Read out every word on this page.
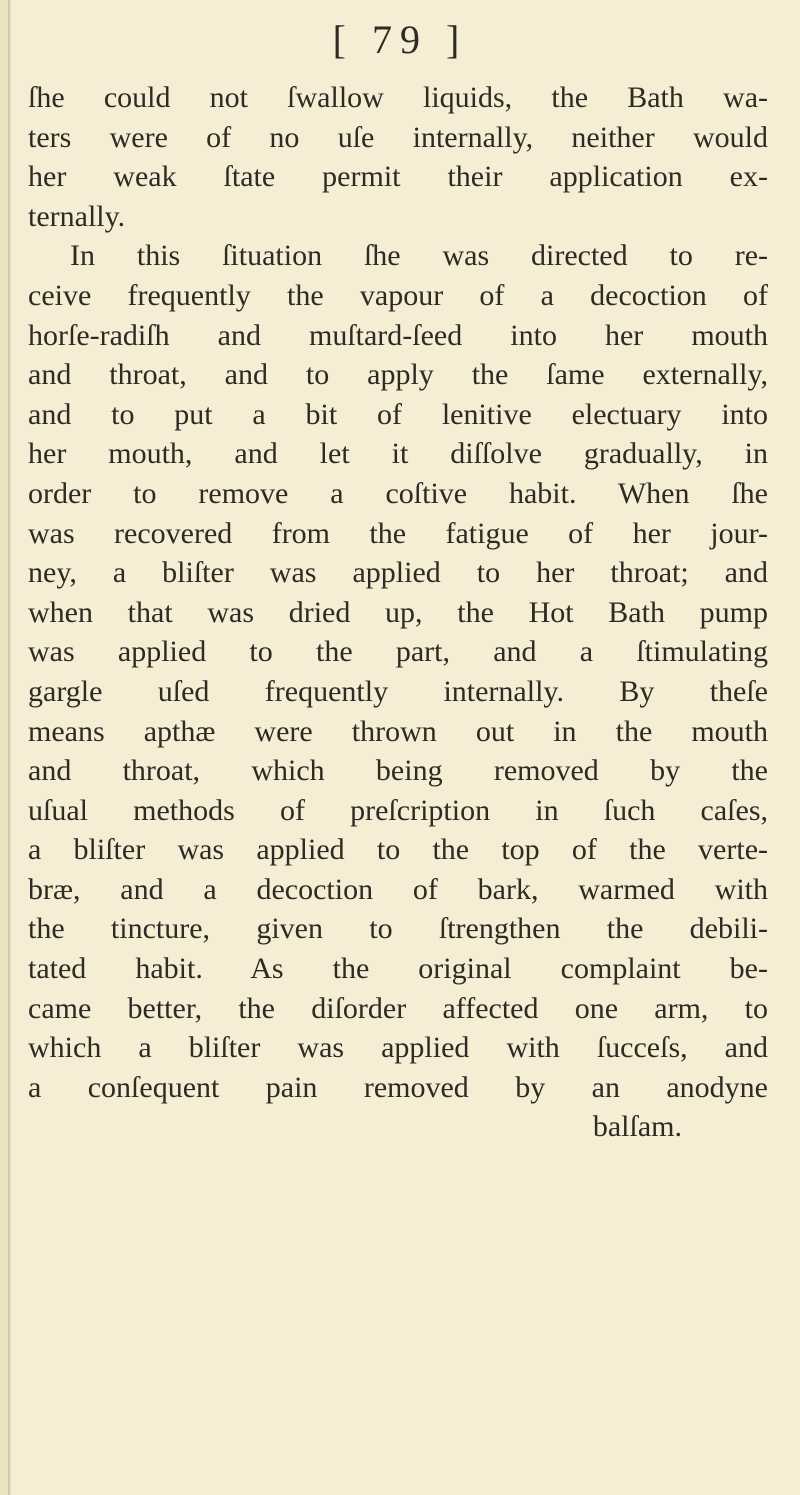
[ 79 ]
ſhe could not ſwallow liquids, the Bath wa-
ters were of no uſe internally, neither would
her weak ſtate permit their application ex-
ternally.
In this ſituation ſhe was directed to re-
ceive frequently the vapour of a decoction of
horſe-radiſh and muſtard-ſeed into her mouth
and throat, and to apply the ſame externally,
and to put a bit of lenitive electuary into
her mouth, and let it diſſolve gradually, in
order to remove a coſtive habit. When ſhe
was recovered from the fatigue of her jour-
ney, a bliſter was applied to her throat; and
when that was dried up, the Hot Bath pump
was applied to the part, and a ſtimulating
gargle uſed frequently internally. By theſe
means apthæ were thrown out in the mouth
and throat, which being removed by the
uſual methods of preſcription in ſuch caſes,
a bliſter was applied to the top of the verte-
bræ, and a decoction of bark, warmed with
the tincture, given to ſtrengthen the debili-
tated habit. As the original complaint be-
came better, the diſorder affected one arm, to
which a bliſter was applied with ſucceſs, and
a conſequent pain removed by an anodyne
balſam.
